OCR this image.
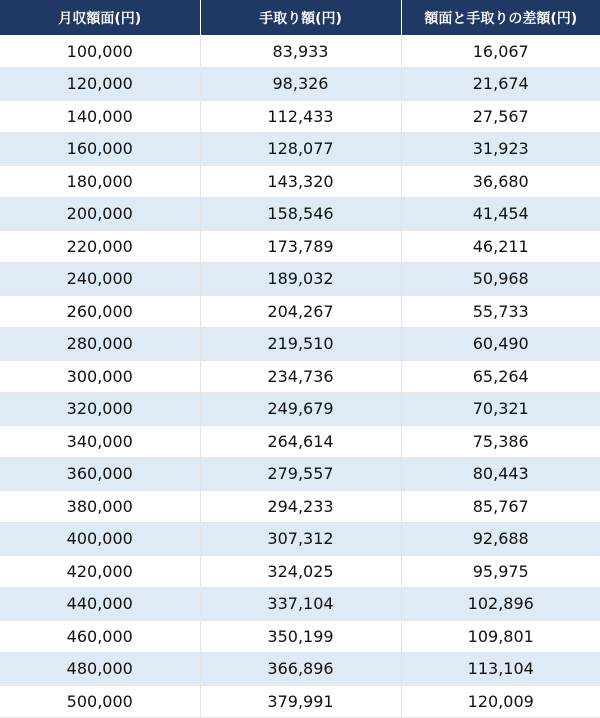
月収額面(円)	手取り額(円)	額面と手取りの差額(円)
100,000	83,933	16,067
120,000	98,326	21,674
140,000	112,433	27,567
160,000	128,077	31,923
180,000	143,320	36,680
200,000	158,546	41,454
220,000	173,789	46,211
240,000	189,032	50,968
260,000	204,267	55,733
280,000	219,510	60,490
300,000	234,736	65,264
320,000	249,679	70,321
340,000	264,614	75,386
360,000	279,557	80,443
380,000	294,233	85,767
400,000	307,312	92,688
420,000	324,025	95,975
440,000	337,104	102,896
460,000	350,199	109,801
480,000	366,896	113,104
500,000	379,991	120,009
